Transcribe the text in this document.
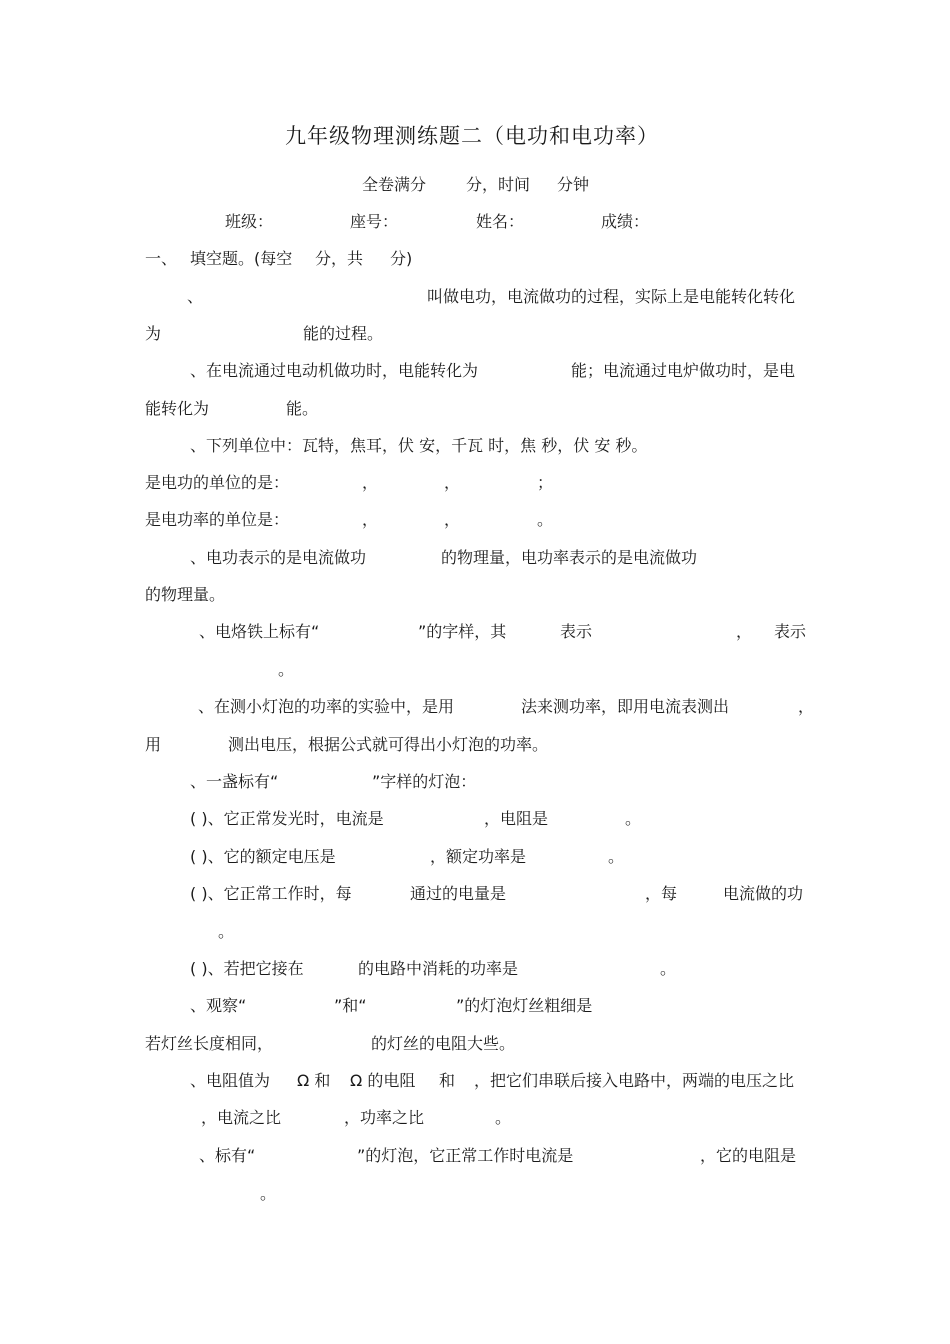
九年级物理测练题二（电功和电功率）
全卷满分 分，时间 分钟
班级：	座号：	姓名：	成绩：
一、 填空题。(每空 分，共 分)
、	叫做电功，电流做功的过程，实际上是电能转化转化
为	能的过程。
、在电流通过电动机做功时，电能转化为	能；电流通过电炉做功时，是电
能转化为	能。
、下列单位中：瓦特，焦耳，伏 安，千瓦 时，焦 秒，伏 安 秒。
是电功的单位的是：	，	，	；
是电功率的单位是：	，	，	。
、电功表示的是电流做功	的物理量，电功率表示的是电流做功
的物理量。
、电烙铁上标有“	”的字样，其	表示	， 表示
。
、在测小灯泡的功率的实验中，是用	法来测功率，即用电流表测出	，
用	测出电压，根据公式就可得出小灯泡的功率。
、一盏标有“	”字样的灯泡：
( )、它正常发光时，电流是	，电阻是	。
( )、它的额定电压是	，额定功率是	。
( )、它正常工作时，每	通过的电量是	，每	电流做的功
。
( )、若把它接在	的电路中消耗的功率是	。
、观察“	”和“	”的灯泡灯丝粗细是
若灯丝长度相同，	的灯丝的电阻大些。
、电阻值为 Ω 和 Ω 的电阻 和 ，把它们串联后接入电路中，两端的电压之比
，电流之比	，功率之比	。
、标有“	”的灯泡，它正常工作时电流是	，它的电阻是
。
